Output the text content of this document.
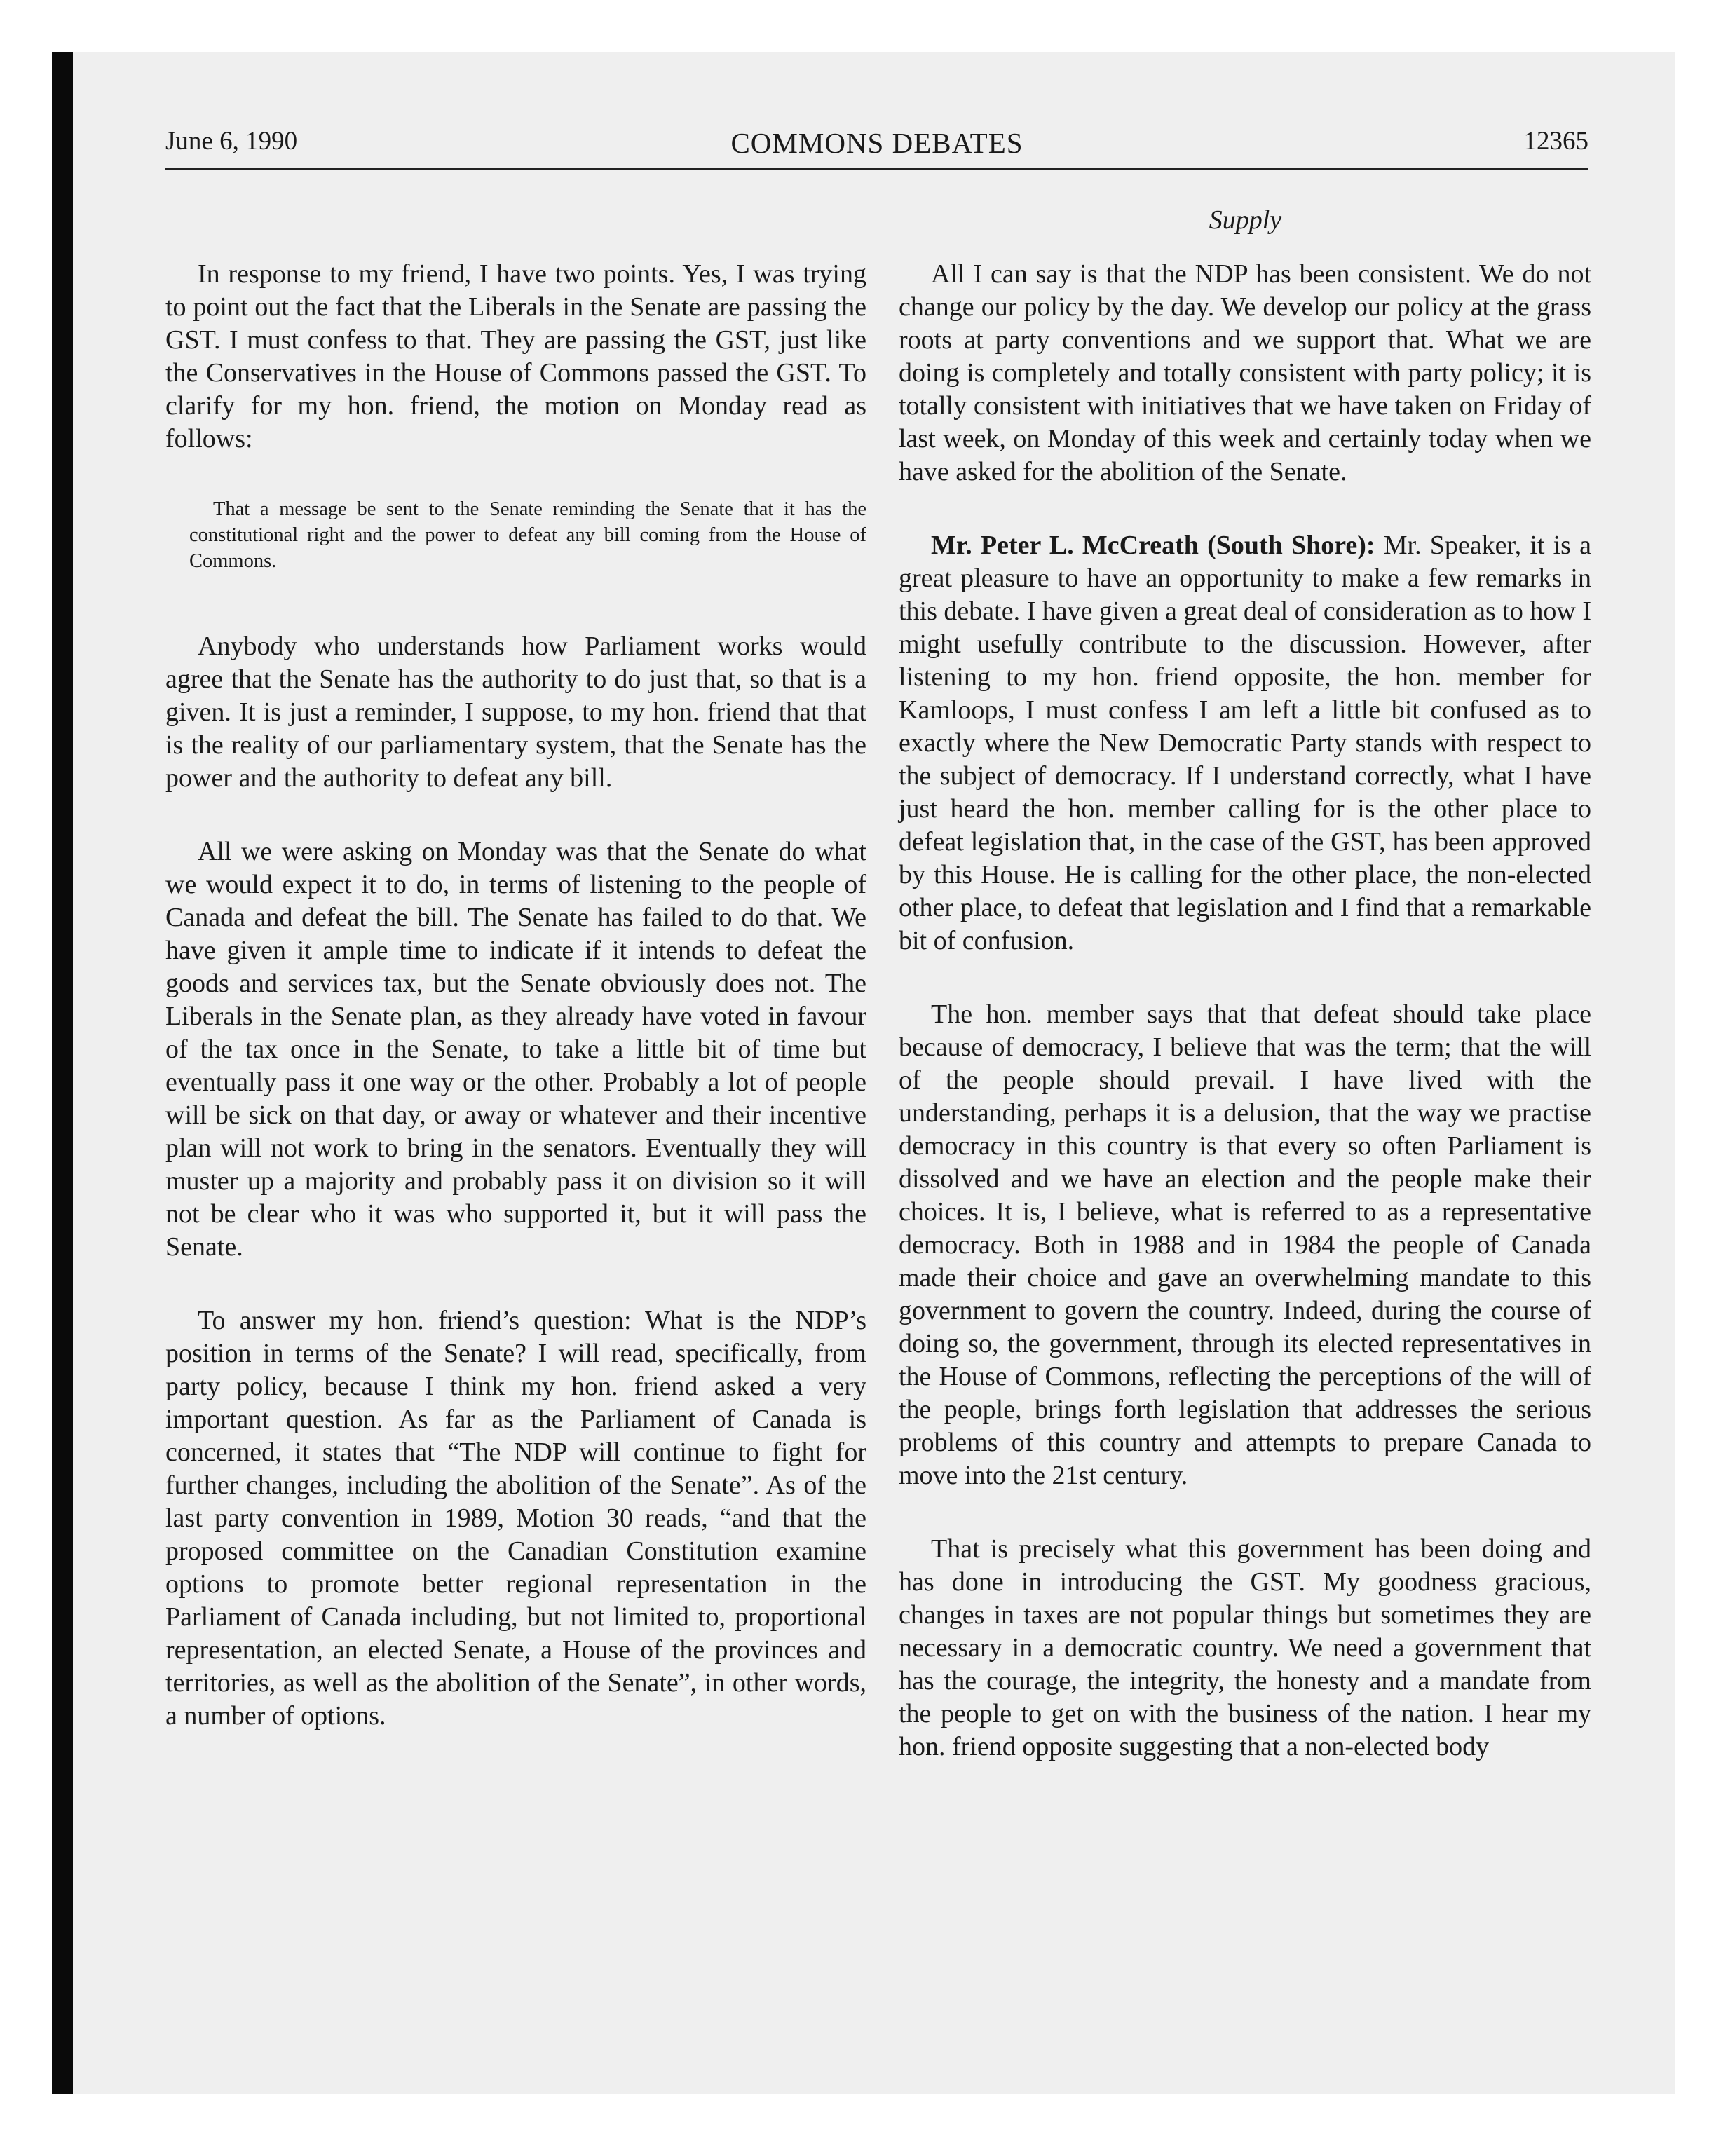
June 6, 1990	COMMONS DEBATES	12365
Supply

In response to my friend, I have two points. Yes, I was trying to point out the fact that the Liberals in the Senate are passing the GST. I must confess to that. They are passing the GST, just like the Conservatives in the House of Commons passed the GST. To clarify for my hon. friend, the motion on Monday read as follows:

That a message be sent to the Senate reminding the Senate that it has the constitutional right and the power to defeat any bill coming from the House of Commons.

Anybody who understands how Parliament works would agree that the Senate has the authority to do just that, so that is a given. It is just a reminder, I suppose, to my hon. friend that that is the reality of our parliamentary system, that the Senate has the power and the authority to defeat any bill.

All we were asking on Monday was that the Senate do what we would expect it to do, in terms of listening to the people of Canada and defeat the bill. The Senate has failed to do that. We have given it ample time to indicate if it intends to defeat the goods and services tax, but the Senate obviously does not. The Liberals in the Senate plan, as they already have voted in favour of the tax once in the Senate, to take a little bit of time but eventually pass it one way or the other. Probably a lot of people will be sick on that day, or away or whatever and their incentive plan will not work to bring in the senators. Eventually they will muster up a majority and probably pass it on division so it will not be clear who it was who supported it, but it will pass the Senate.

To answer my hon. friend’s question: What is the NDP’s position in terms of the Senate? I will read, specifically, from party policy, because I think my hon. friend asked a very important question. As far as the Parliament of Canada is concerned, it states that “The NDP will continue to fight for further changes, including the abolition of the Senate”. As of the last party convention in 1989, Motion 30 reads, “and that the proposed committee on the Canadian Constitution examine options to promote better regional representation in the Parliament of Canada including, but not limited to, proportional representation, an elected Senate, a House of the provinces and territories, as well as the abolition of the Senate”, in other words, a number of options.

All I can say is that the NDP has been consistent. We do not change our policy by the day. We develop our policy at the grass roots at party conventions and we support that. What we are doing is completely and totally consistent with party policy; it is totally consistent with initiatives that we have taken on Friday of last week, on Monday of this week and certainly today when we have asked for the abolition of the Senate.

Mr. Peter L. McCreath (South Shore): Mr. Speaker, it is a great pleasure to have an opportunity to make a few remarks in this debate. I have given a great deal of consideration as to how I might usefully contribute to the discussion. However, after listening to my hon. friend opposite, the hon. member for Kamloops, I must confess I am left a little bit confused as to exactly where the New Democratic Party stands with respect to the subject of democracy. If I understand correctly, what I have just heard the hon. member calling for is the other place to defeat legislation that, in the case of the GST, has been approved by this House. He is calling for the other place, the non-elected other place, to defeat that legislation and I find that a remarkable bit of confusion.

The hon. member says that that defeat should take place because of democracy, I believe that was the term; that the will of the people should prevail. I have lived with the understanding, perhaps it is a delusion, that the way we practise democracy in this country is that every so often Parliament is dissolved and we have an election and the people make their choices. It is, I believe, what is referred to as a representative democracy. Both in 1988 and in 1984 the people of Canada made their choice and gave an overwhelming mandate to this government to govern the country. Indeed, during the course of doing so, the government, through its elected representatives in the House of Commons, reflecting the perceptions of the will of the people, brings forth legislation that addresses the serious problems of this country and attempts to prepare Canada to move into the 21st century.

That is precisely what this government has been doing and has done in introducing the GST. My goodness gracious, changes in taxes are not popular things but sometimes they are necessary in a democratic country. We need a government that has the courage, the integrity, the honesty and a mandate from the people to get on with the business of the nation. I hear my hon. friend opposite suggesting that a non-elected body
